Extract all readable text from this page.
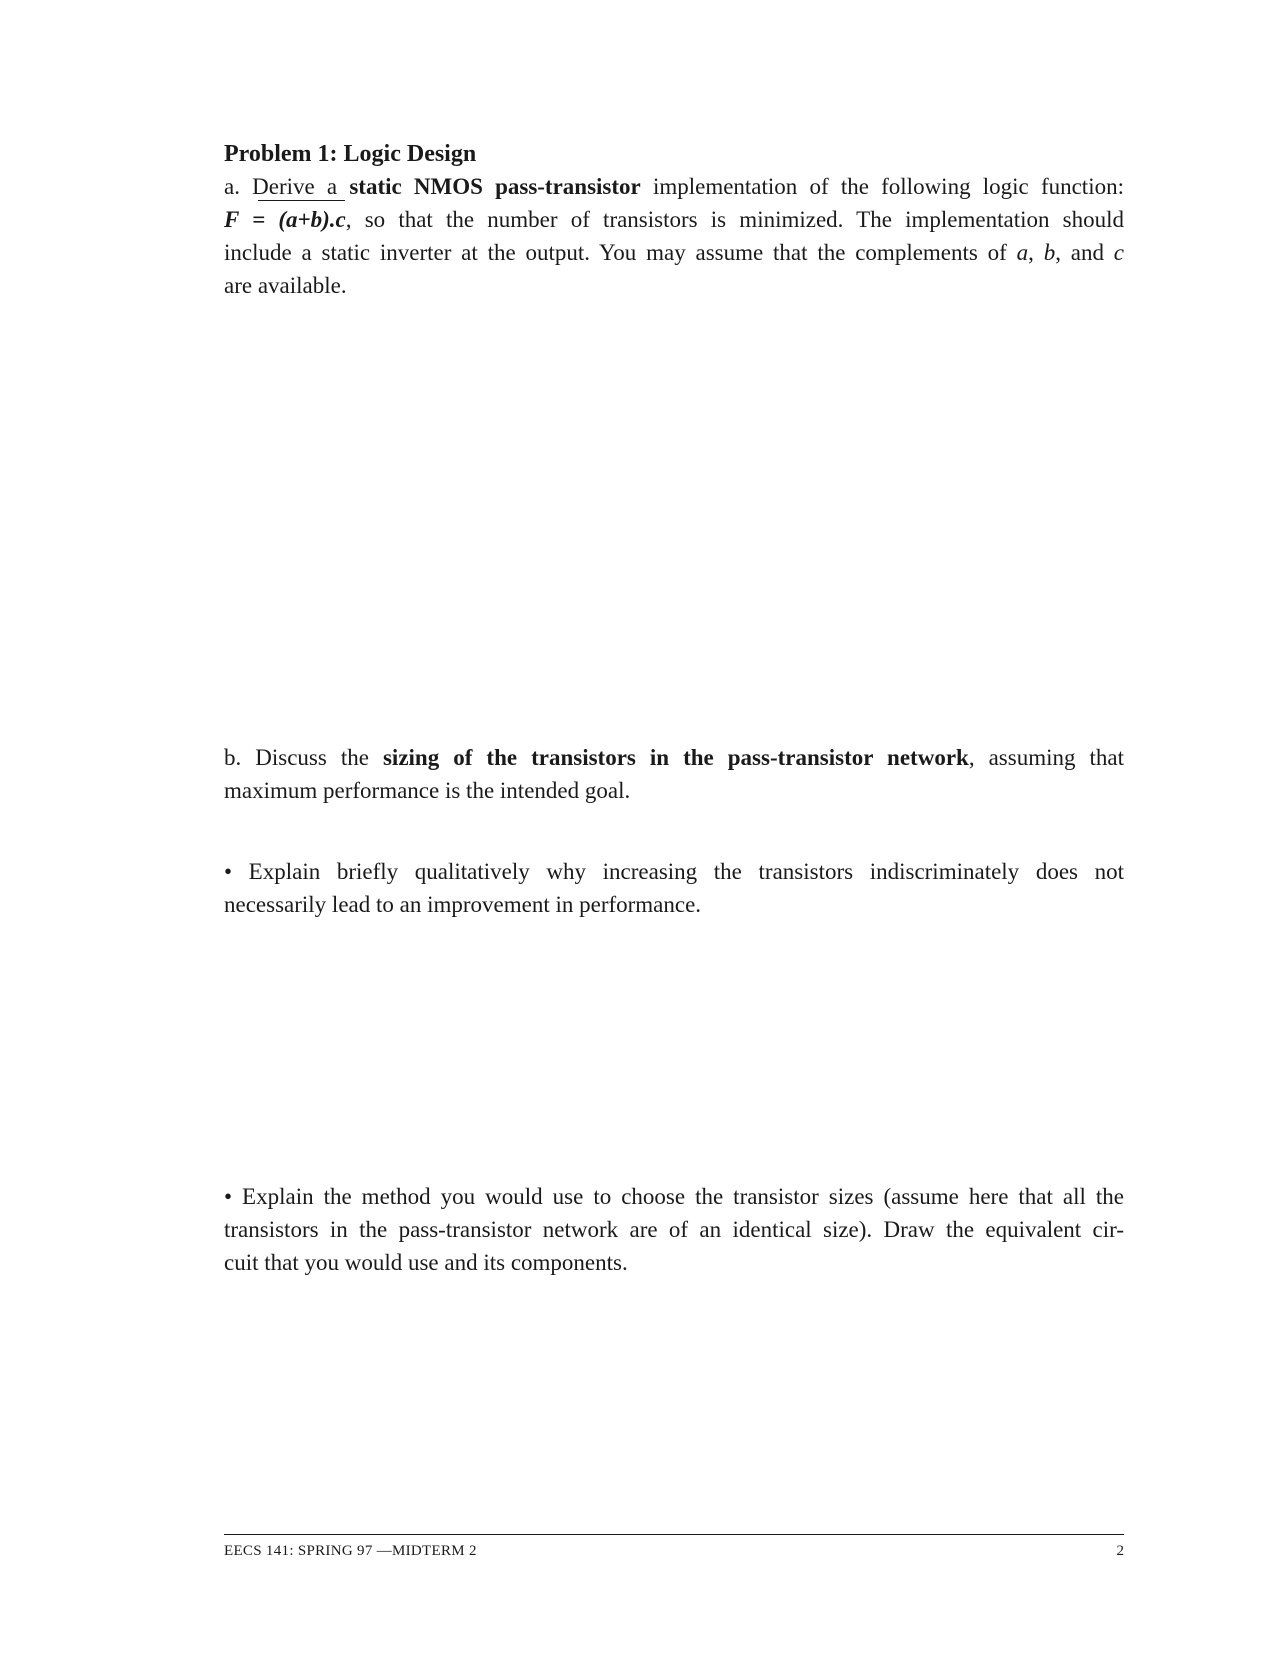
Problem 1: Logic Design
a. Derive a static NMOS pass-transistor implementation of the following logic function:
F = (a+b).c, so that the number of transistors is minimized. The implementation should
include a static inverter at the output. You may assume that the complements of a, b, and c
are available.
b. Discuss the sizing of the transistors in the pass-transistor network, assuming that
maximum performance is the intended goal.
• Explain briefly qualitatively why increasing the transistors indiscriminately does not
necessarily lead to an improvement in performance.
• Explain the method you would use to choose the transistor sizes (assume here that all the
transistors in the pass-transistor network are of an identical size). Draw the equivalent cir-
cuit that you would use and its components.
EECS 141: SPRING 97 —MIDTERM 2	2
